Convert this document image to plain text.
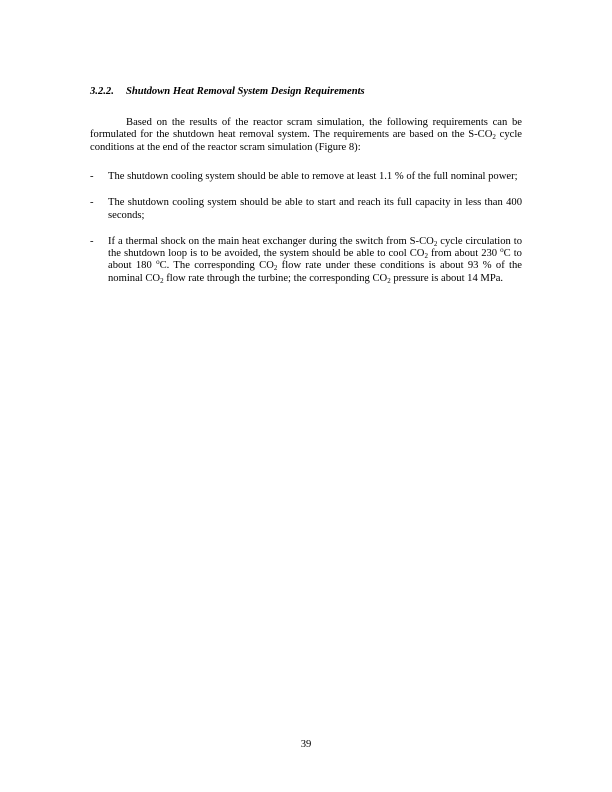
3.2.2. Shutdown Heat Removal System Design Requirements

Based on the results of the reactor scram simulation, the following requirements can be formulated for the shutdown heat removal system. The requirements are based on the $S-CO_2$ cycle conditions at the end of the reactor scram simulation (Figure 8):

- The shutdown cooling system should be able to remove at least 1.1 % of the full nominal power;
- The shutdown cooling system should be able to start and reach its full capacity in less than 400 seconds;
- If a thermal shock on the main heat exchanger during the switch from $S-CO_2$ cycle circulation to the shutdown loop is to be avoided, the system should be able to cool $CO_2$ from about 230 $^o$C to about 180 $^o$C. The corresponding $CO_2$ flow rate under these conditions is about 93 % of the nominal $CO_2$ flow rate through the turbine; the corresponding $CO_2$ pressure is about 14 MPa.
39
